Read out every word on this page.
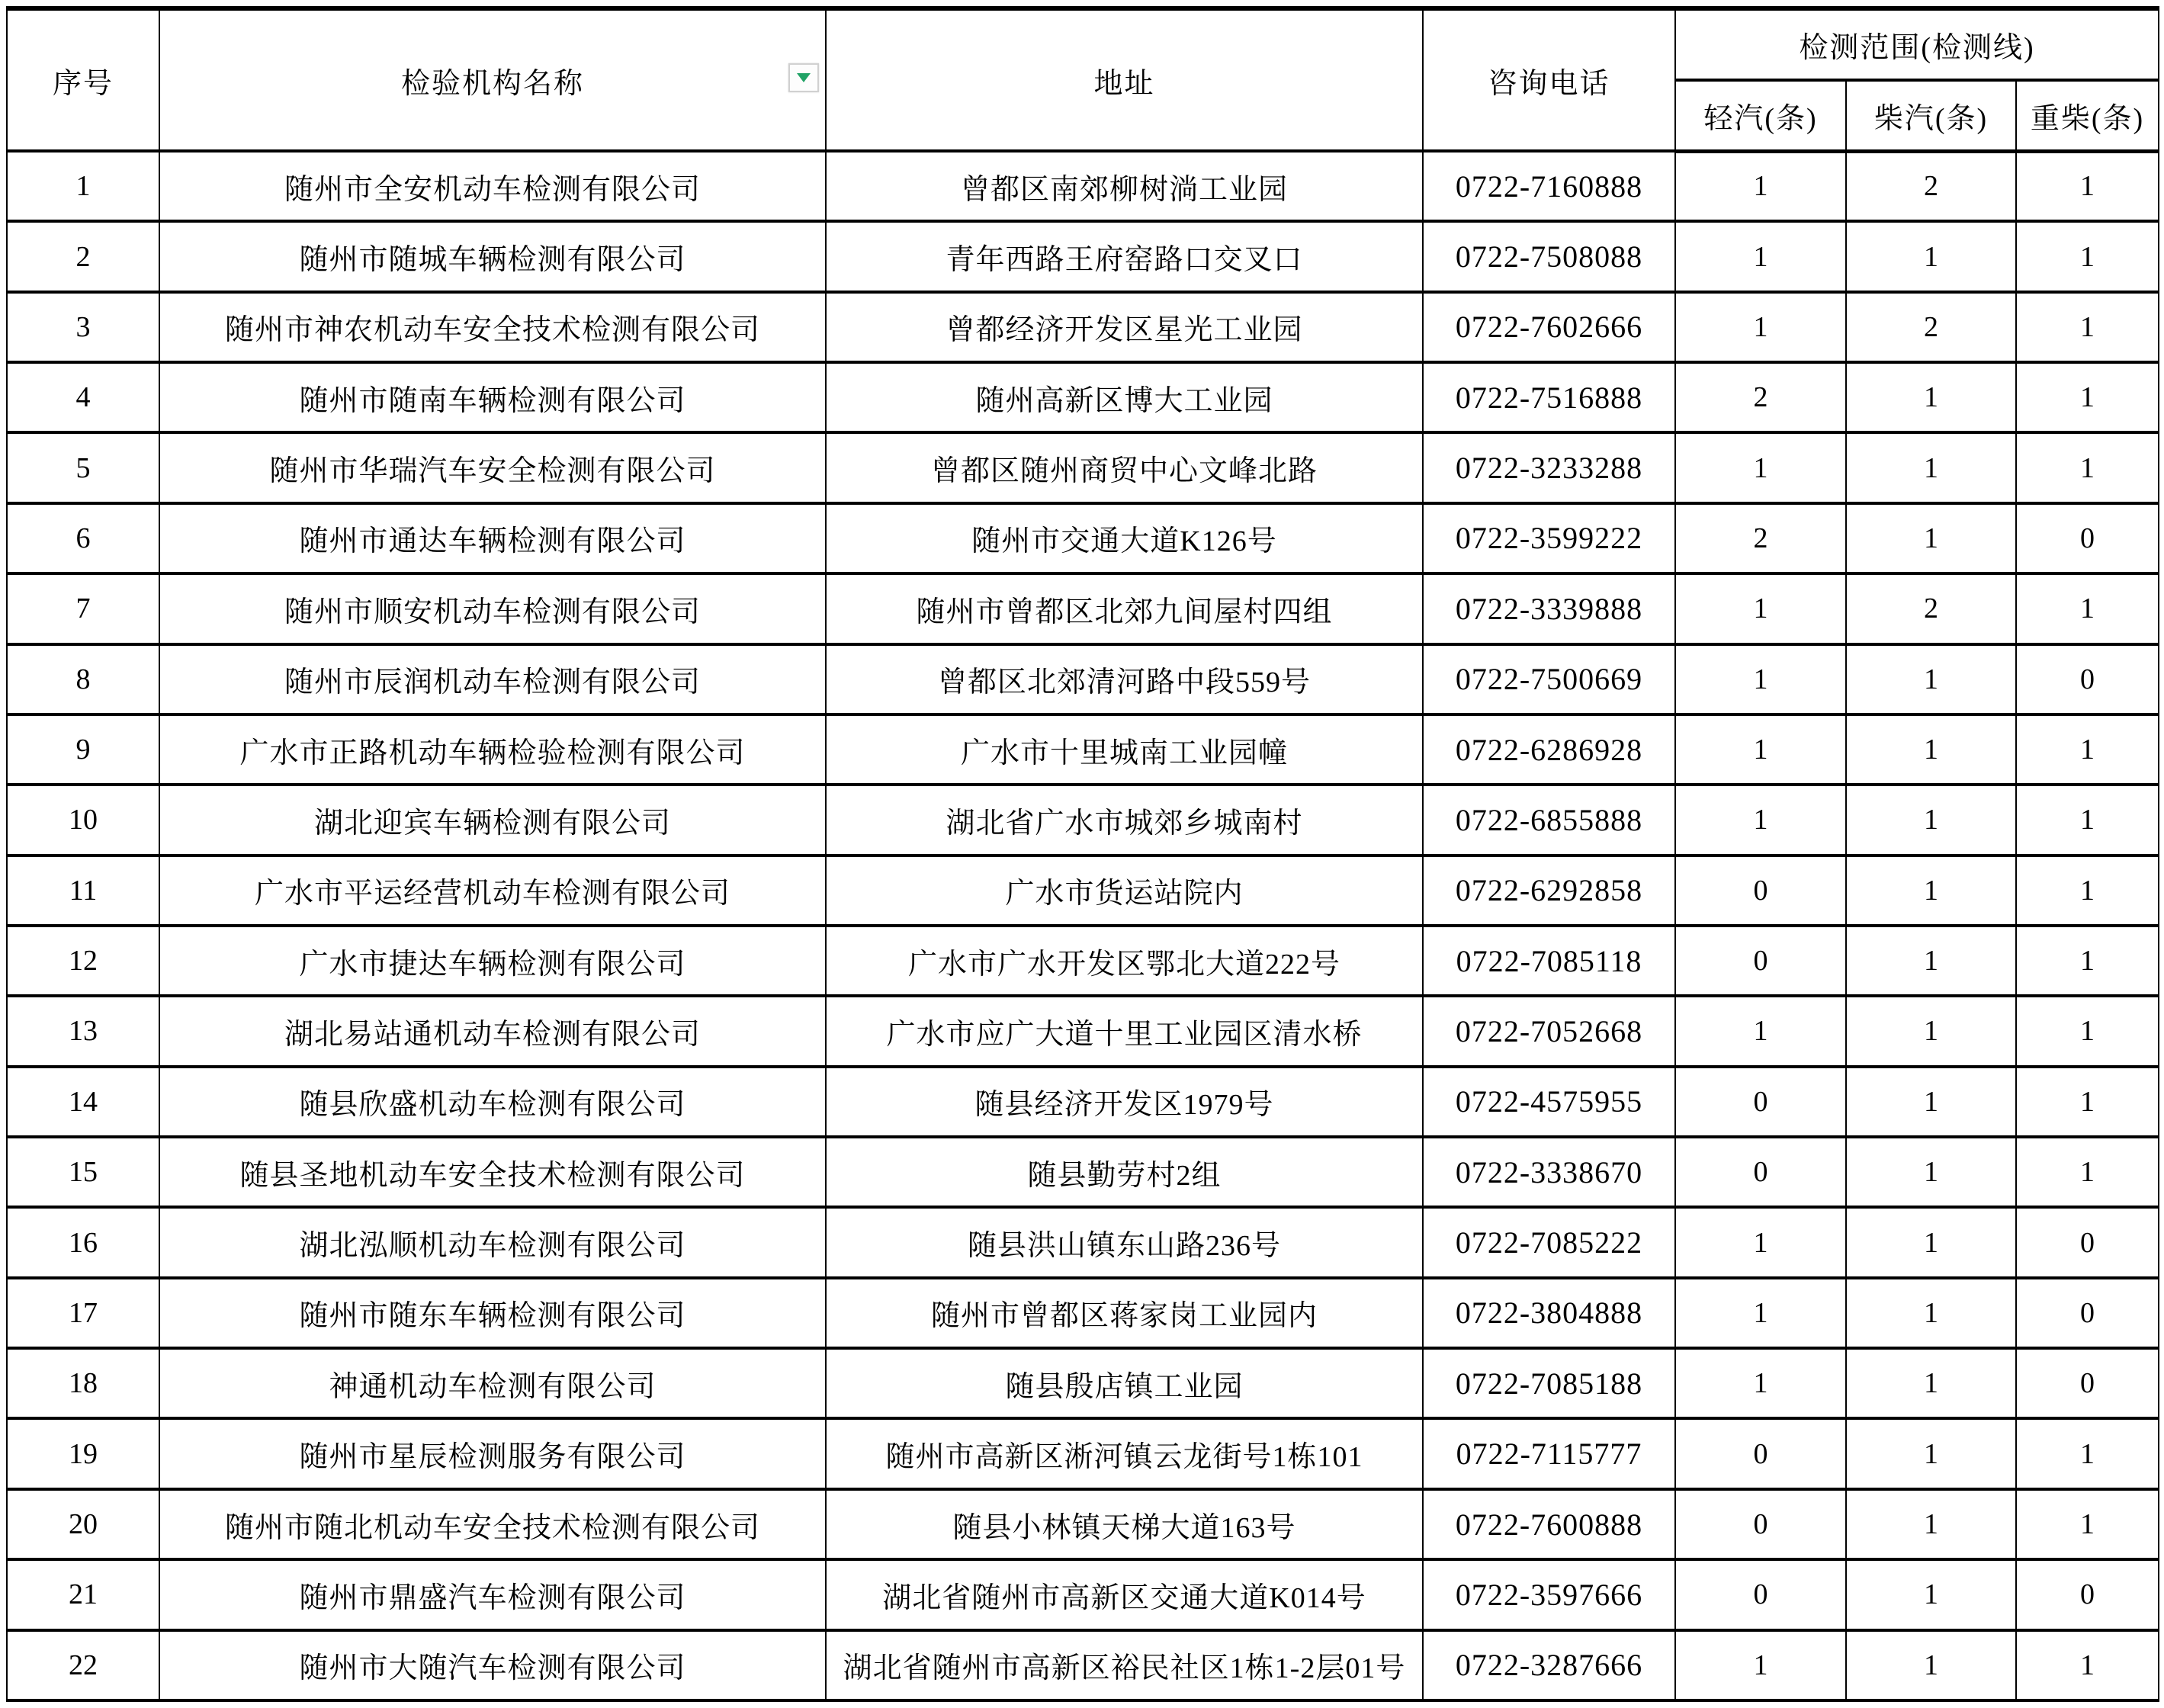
序号	检验机构名称	地址	咨询电话	检测范围(检测线)		
				轻汽(条)	柴汽(条)	重柴(条)
1	随州市全安机动车检测有限公司	曾都区南郊柳树淌工业园	0722-7160888	1	2	1
2	随州市随城车辆检测有限公司	青年西路王府窑路口交叉口	0722-7508088	1	1	1
3	随州市神农机动车安全技术检测有限公司	曾都经济开发区星光工业园	0722-7602666	1	2	1
4	随州市随南车辆检测有限公司	随州高新区博大工业园	0722-7516888	2	1	1
5	随州市华瑞汽车安全检测有限公司	曾都区随州商贸中心文峰北路	0722-3233288	1	1	1
6	随州市通达车辆检测有限公司	随州市交通大道K126号	0722-3599222	2	1	0
7	随州市顺安机动车检测有限公司	随州市曾都区北郊九间屋村四组	0722-3339888	1	2	1
8	随州市辰润机动车检测有限公司	曾都区北郊清河路中段559号	0722-7500669	1	1	0
9	广水市正路机动车辆检验检测有限公司	广水市十里城南工业园幢	0722-6286928	1	1	1
10	湖北迎宾车辆检测有限公司	湖北省广水市城郊乡城南村	0722-6855888	1	1	1
11	广水市平运经营机动车检测有限公司	广水市货运站院内	0722-6292858	0	1	1
12	广水市捷达车辆检测有限公司	广水市广水开发区鄂北大道222号	0722-7085118	0	1	1
13	湖北易站通机动车检测有限公司	广水市应广大道十里工业园区清水桥	0722-7052668	1	1	1
14	随县欣盛机动车检测有限公司	随县经济开发区1979号	0722-4575955	0	1	1
15	随县圣地机动车安全技术检测有限公司	随县勤劳村2组	0722-3338670	0	1	1
16	湖北泓顺机动车检测有限公司	随县洪山镇东山路236号	0722-7085222	1	1	0
17	随州市随东车辆检测有限公司	随州市曾都区蒋家岗工业园内	0722-3804888	1	1	0
18	神通机动车检测有限公司	随县殷店镇工业园	0722-7085188	1	1	0
19	随州市星辰检测服务有限公司	随州市高新区淅河镇云龙街号1栋101	0722-7115777	0	1	1
20	随州市随北机动车安全技术检测有限公司	随县小林镇天梯大道163号	0722-7600888	0	1	1
21	随州市鼎盛汽车检测有限公司	湖北省随州市高新区交通大道K014号	0722-3597666	0	1	0
22	随州市大随汽车检测有限公司	湖北省随州市高新区裕民社区1栋1-2层01号	0722-3287666	1	1	1
